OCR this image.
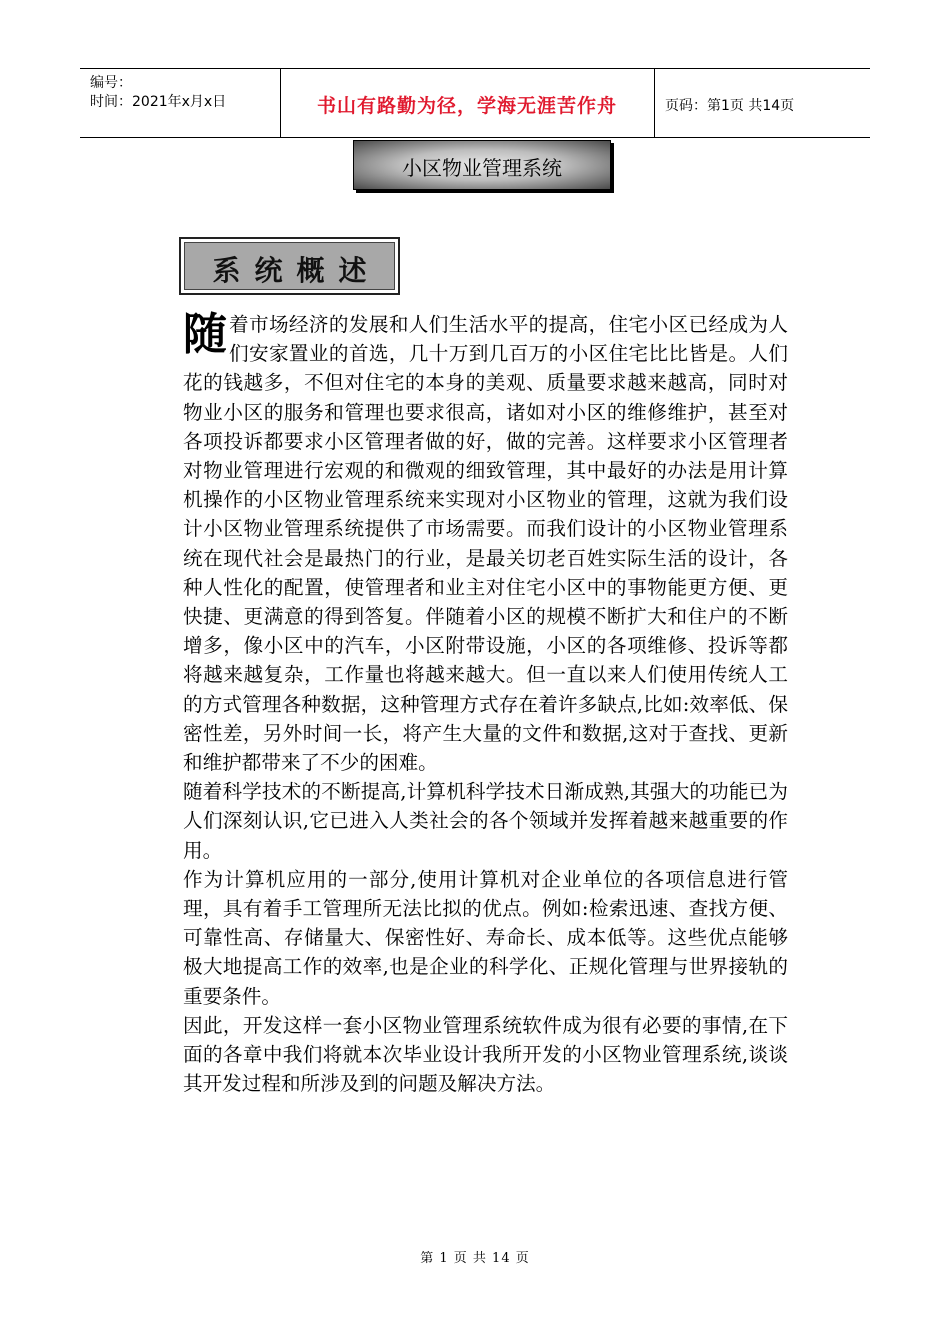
编号：
时间：2021年x月x日	书山有路勤为径，学海无涯苦作舟	页码：第1页 共14页
小区物业管理系统
系统概述

随着市场经济的发展和人们生活水平的提高，住宅小区已经成为人们安家置业的首选，几十万到几百万的小区住宅比比皆是。人们花的钱越多，不但对住宅的本身的美观、质量要求越来越高，同时对物业小区的服务和管理也要求很高，诸如对小区的维修维护，甚至对各项投诉都要求小区管理者做的好，做的完善。这样要求小区管理者对物业管理进行宏观的和微观的细致管理，其中最好的办法是用计算机操作的小区物业管理系统来实现对小区物业的管理，这就为我们设计小区物业管理系统提供了市场需要。而我们设计的小区物业管理系统在现代社会是最热门的行业，是最关切老百姓实际生活的设计，各种人性化的配置，使管理者和业主对住宅小区中的事物能更方便、更快捷、更满意的得到答复。伴随着小区的规模不断扩大和住户的不断增多，像小区中的汽车，小区附带设施，小区的各项维修、投诉等都将越来越复杂，工作量也将越来越大。但一直以来人们使用传统人工的方式管理各种数据，这种管理方式存在着许多缺点,比如:效率低、保密性差，另外时间一长，将产生大量的文件和数据,这对于查找、更新和维护都带来了不少的困难。

随着科学技术的不断提高,计算机科学技术日渐成熟,其强大的功能已为人们深刻认识,它已进入人类社会的各个领域并发挥着越来越重要的作用。

作为计算机应用的一部分,使用计算机对企业单位的各项信息进行管理，具有着手工管理所无法比拟的优点。例如:检索迅速、查找方便、可靠性高、存储量大、保密性好、寿命长、成本低等。这些优点能够极大地提高工作的效率,也是企业的科学化、正规化管理与世界接轨的重要条件。

因此，开发这样一套小区物业管理系统软件成为很有必要的事情,在下面的各章中我们将就本次毕业设计我所开发的小区物业管理系统,谈谈其开发过程和所涉及到的问题及解决方法。

第 1 页 共 14 页
